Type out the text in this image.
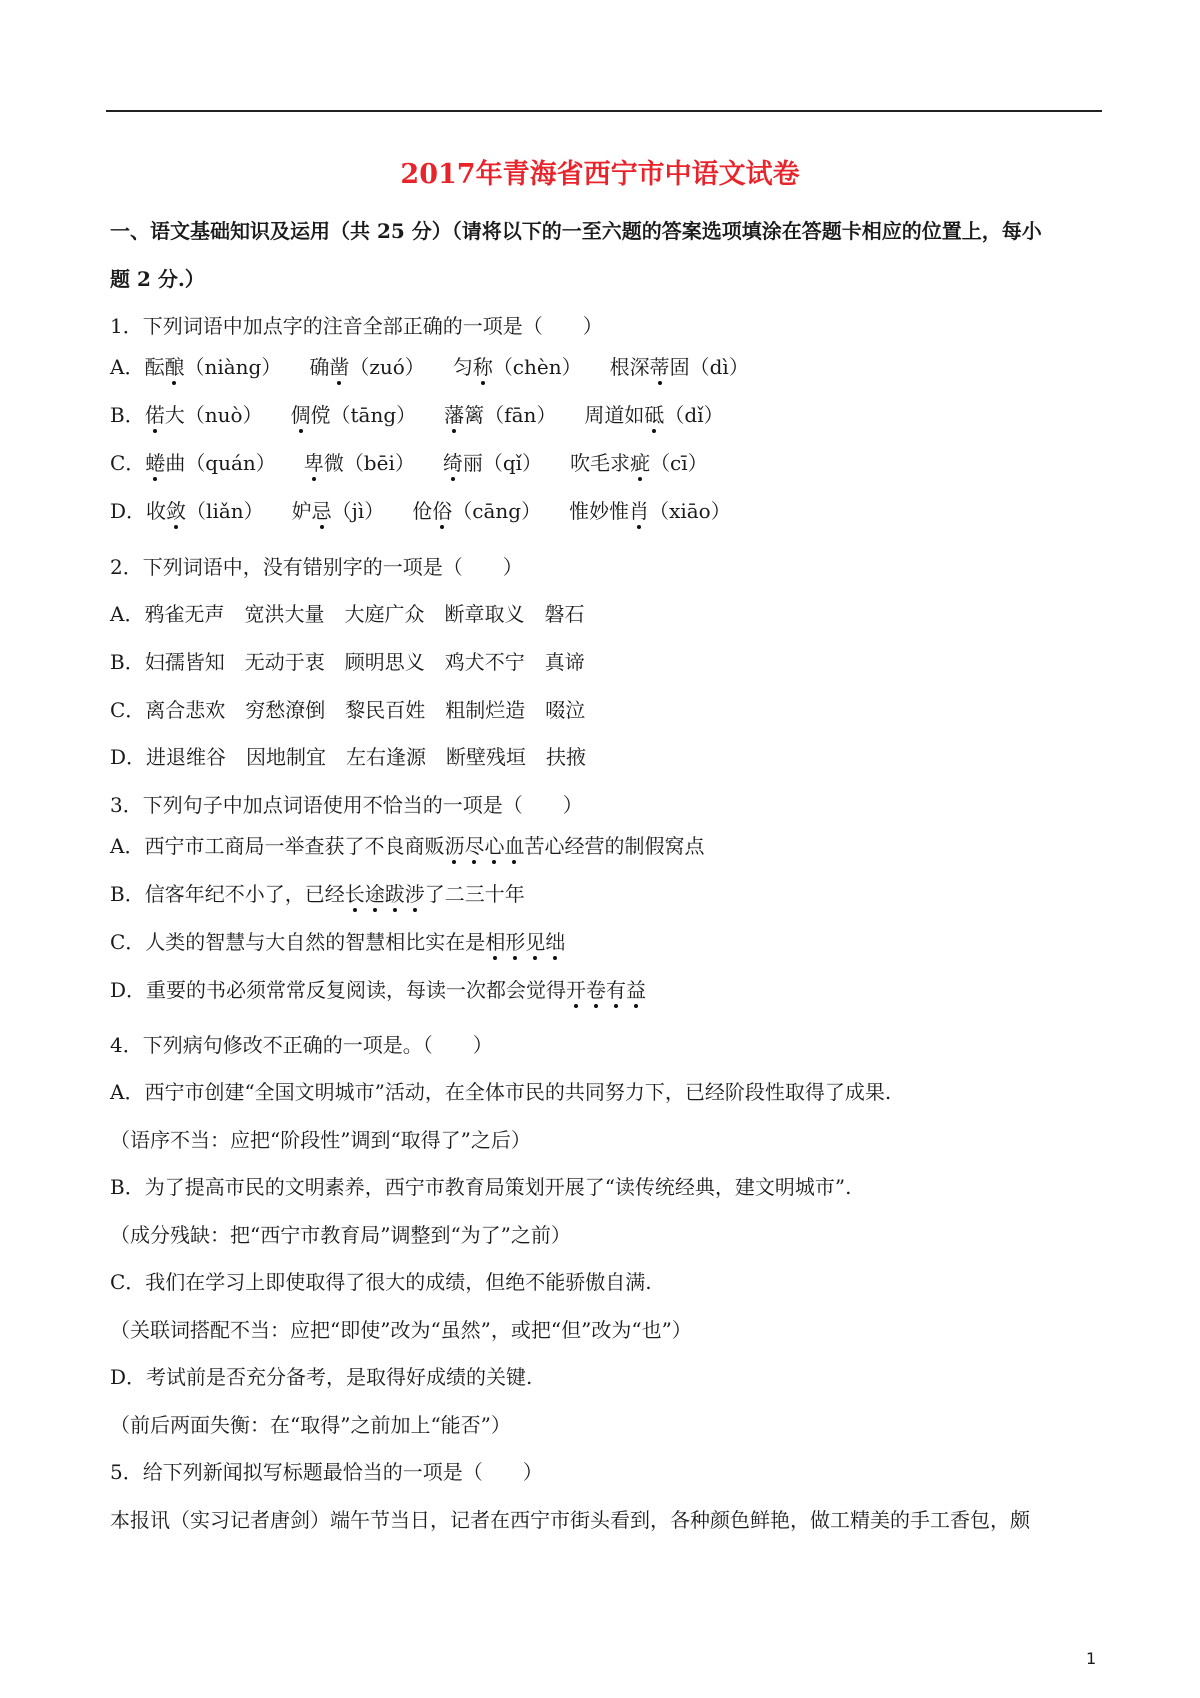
2017年青海省西宁市中语文试卷
一、语文基础知识及运用（共 25 分）（请将以下的一至六题的答案选项填涂在答题卡相应的位置上，每小
题 2 分.）
1．下列词语中加点字的注音全部正确的一项是（　　）
A．酝酿（niàng） 确凿（zuó） 匀称（chèn） 根深蒂固（dì）
B．偌大（nuò） 倜傥（tāng） 藩篱（fān） 周道如砥（dǐ）
C．蜷曲（quán） 卑微（bēi） 绮丽（qǐ） 吹毛求疵（cī）
D．收敛（liǎn） 妒忌（jì） 伧俗（cāng） 惟妙惟肖（xiāo）
2．下列词语中，没有错别字的一项是（　　）
A．鸦雀无声　宽洪大量　大庭广众　断章取义　磐石
B．妇孺皆知　无动于衷　顾明思义　鸡犬不宁　真谛
C．离合悲欢　穷愁潦倒　黎民百姓　粗制烂造　啜泣
D．进退维谷　因地制宜　左右逢源　断壁残垣　扶掖
3．下列句子中加点词语使用不恰当的一项是（　　）
A．西宁市工商局一举查获了不良商贩沥尽心血苦心经营的制假窝点
B．信客年纪不小了，已经长途跋涉了二三十年
C．人类的智慧与大自然的智慧相比实在是相形见绌
D．重要的书必须常常反复阅读，每读一次都会觉得开卷有益
4．下列病句修改不正确的一项是。（　　）
A．西宁市创建“全国文明城市”活动，在全体市民的共同努力下，已经阶段性取得了成果.
（语序不当：应把“阶段性”调到“取得了”之后）
B．为了提高市民的文明素养，西宁市教育局策划开展了“读传统经典，建文明城市”.
（成分残缺：把“西宁市教育局”调整到“为了”之前）
C．我们在学习上即使取得了很大的成绩，但绝不能骄傲自满.
（关联词搭配不当：应把“即使”改为“虽然”，或把“但”改为“也”）
D．考试前是否充分备考，是取得好成绩的关键.
（前后两面失衡：在“取得”之前加上“能否”）
5．给下列新闻拟写标题最恰当的一项是（　　）
本报讯（实习记者唐剑）端午节当日，记者在西宁市街头看到，各种颜色鲜艳，做工精美的手工香包，颇
1
